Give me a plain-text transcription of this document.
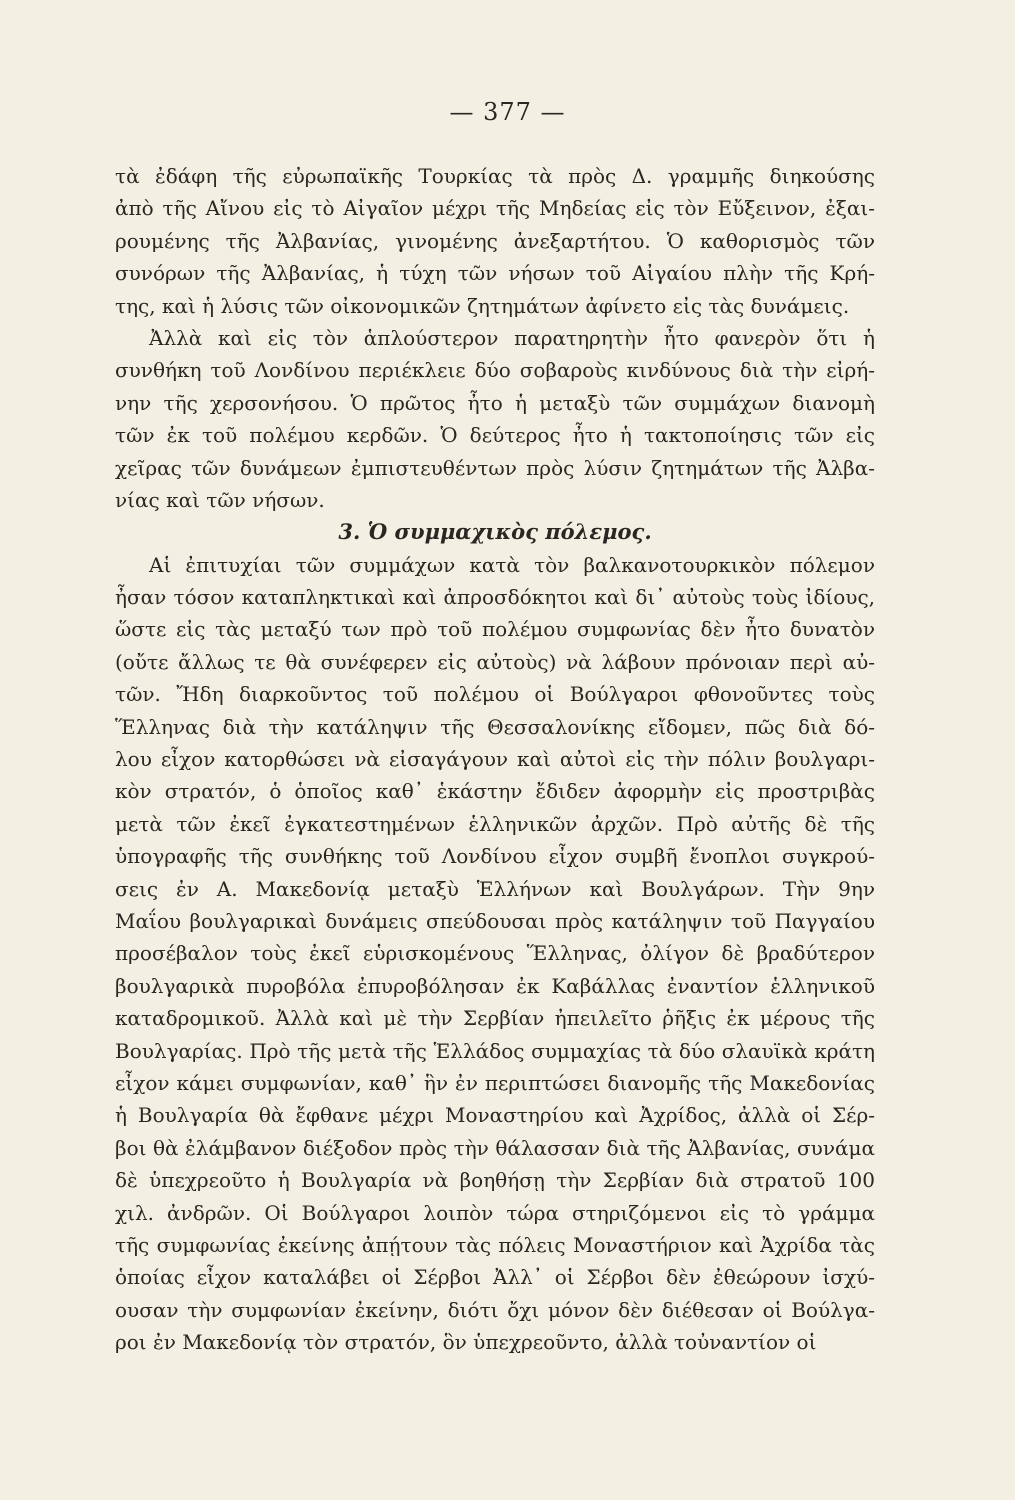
— 377 —
τὰ ἐδάφη τῆς εὐρωπαϊκῆς Τουρκίας τὰ πρὸς Δ. γραμμῆς διηκούσης
ἀπὸ τῆς Αἴνου εἰς τὸ Αἰγαῖον μέχρι τῆς Μηδείας εἰς τὸν Εὔξεινον, ἐξαι-
ρουμένης τῆς Ἀλβανίας, γινομένης ἀνεξαρτήτου. Ὁ καθορισμὸς τῶν
συνόρων τῆς Ἀλβανίας, ἡ τύχη τῶν νήσων τοῦ Αἰγαίου πλὴν τῆς Κρή-
της, καὶ ἡ λύσις τῶν οἰκονομικῶν ζητημάτων ἀφίνετο εἰς τὰς δυνάμεις.
Ἀλλὰ καὶ εἰς τὸν ἁπλούστερον παρατηρητὴν ἦτο φανερὸν ὅτι ἡ
συνθήκη τοῦ Λονδίνου περιέκλειε δύο σοβαροὺς κινδύνους διὰ τὴν εἰρή-
νην τῆς χερσονήσου. Ὁ πρῶτος ἦτο ἡ μεταξὺ τῶν συμμάχων διανομὴ
τῶν ἐκ τοῦ πολέμου κερδῶν. Ὁ δεύτερος ἦτο ἡ τακτοποίησις τῶν εἰς
χεῖρας τῶν δυνάμεων ἐμπιστευθέντων πρὸς λύσιν ζητημάτων τῆς Ἀλβα-
νίας καὶ τῶν νήσων.
3. Ὁ συμμαχικὸς πόλεμος.
Αἱ ἐπιτυχίαι τῶν συμμάχων κατὰ τὸν βαλκανοτουρκικὸν πόλεμον
ἦσαν τόσον καταπληκτικαὶ καὶ ἀπροσδόκητοι καὶ δι᾽ αὐτοὺς τοὺς ἰδίους,
ὥστε εἰς τὰς μεταξύ των πρὸ τοῦ πολέμου συμφωνίας δὲν ἦτο δυνατὸν
(οὔτε ἄλλως τε θὰ συνέφερεν εἰς αὐτοὺς) νὰ λάβουν πρόνοιαν περὶ αὐ-
τῶν. Ἤδη διαρκοῦντος τοῦ πολέμου οἱ Βούλγαροι φθονοῦντες τοὺς
Ἕλληνας διὰ τὴν κατάληψιν τῆς Θεσσαλονίκης εἴδομεν, πῶς διὰ δό-
λου εἶχον κατορθώσει νὰ εἰσαγάγουν καὶ αὐτοὶ εἰς τὴν πόλιν βουλγαρι-
κὸν στρατόν, ὁ ὁποῖος καθ᾽ ἑκάστην ἔδιδεν ἀφορμὴν εἰς προστριβὰς
μετὰ τῶν ἐκεῖ ἐγκατεστημένων ἑλληνικῶν ἀρχῶν. Πρὸ αὐτῆς δὲ τῆς
ὑπογραφῆς τῆς συνθήκης τοῦ Λονδίνου εἶχον συμβῆ ἔνοπλοι συγκρού-
σεις ἐν Α. Μακεδονίᾳ μεταξὺ Ἑλλήνων καὶ Βουλγάρων. Τὴν 9ην
Μαΐου βουλγαρικαὶ δυνάμεις σπεύδουσαι πρὸς κατάληψιν τοῦ Παγγαίου
προσέβαλον τοὺς ἐκεῖ εὑρισκομένους Ἕλληνας, ὀλίγον δὲ βραδύτερον
βουλγαρικὰ πυροβόλα ἐπυροβόλησαν ἐκ Καβάλλας ἐναντίον ἑλληνικοῦ
καταδρομικοῦ. Ἀλλὰ καὶ μὲ τὴν Σερβίαν ἠπειλεῖτο ῥῆξις ἐκ μέρους τῆς
Βουλγαρίας. Πρὸ τῆς μετὰ τῆς Ἑλλάδος συμμαχίας τὰ δύο σλαυϊκὰ κράτη
εἶχον κάμει συμφωνίαν, καθ᾽ ἣν ἐν περιπτώσει διανομῆς τῆς Μακεδονίας
ἡ Βουλγαρία θὰ ἔφθανε μέχρι Μοναστηρίου καὶ Ἀχρίδος, ἀλλὰ οἱ Σέρ-
βοι θὰ ἐλάμβανον διέξοδον πρὸς τὴν θάλασσαν διὰ τῆς Ἀλβανίας, συνάμα
δὲ ὑπεχρεοῦτο ἡ Βουλγαρία νὰ βοηθήσῃ τὴν Σερβίαν διὰ στρατοῦ 100
χιλ. ἀνδρῶν. Οἱ Βούλγαροι λοιπὸν τώρα στηριζόμενοι εἰς τὸ γράμμα
τῆς συμφωνίας ἐκείνης ἀπῄτουν τὰς πόλεις Μοναστήριον καὶ Ἀχρίδα τὰς
ὁποίας εἶχον καταλάβει οἱ Σέρβοι Ἀλλ᾽ οἱ Σέρβοι δὲν ἐθεώρουν ἰσχύ-
ουσαν τὴν συμφωνίαν ἐκείνην, διότι ὄχι μόνον δὲν διέθεσαν οἱ Βούλγα-
ροι ἐν Μακεδονίᾳ τὸν στρατόν, ὃν ὑπεχρεοῦντο, ἀλλὰ τοὐναντίον οἱ
